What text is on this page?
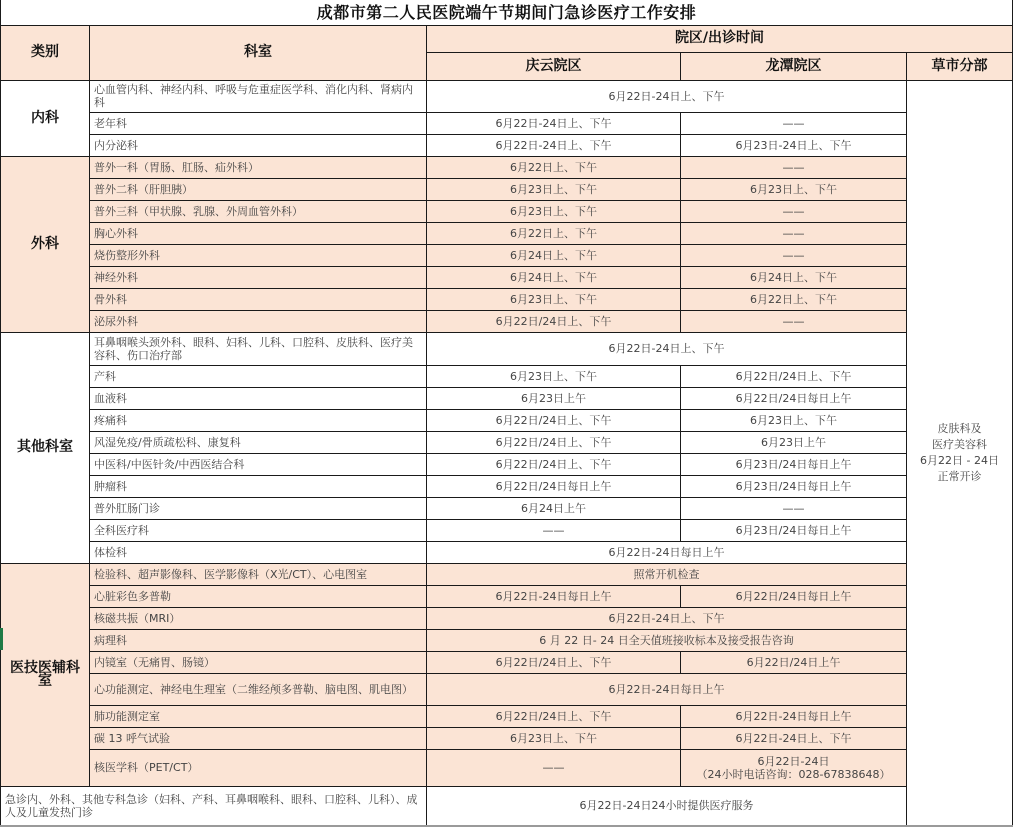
成都市第二人民医院端午节期间门急诊医疗工作安排					
类别	科室	院区/出诊时间			
		庆云院区	龙潭院区	草市分部	
内科	心血管内科、神经内科、呼吸与危重症医学科、消化内科、肾病内科	6月22日-24日上、下午		皮肤科及
医疗美容科
6月22日 - 24日
正常开诊	

	老年科	6月22日-24日上、下午	——		
	内分泌科	6月22日-24日上、下午	6月23日-24日上、下午		
外科	普外一科（胃肠、肛肠、疝外科）	6月22日上、下午	——		
	普外二科（肝胆胰）	6月23日上、下午	6月23日上、下午		
	普外三科（甲状腺、乳腺、外周血管外科）	6月23日上、下午	——		
	胸心外科	6月22日上、下午	——		
	烧伤整形外科	6月24日上、下午	——		
	神经外科	6月24日上、下午	6月24日上、下午		
	骨外科	6月23日上、下午	6月22日上、下午		
	泌尿外科	6月22日/24日上、下午	——		
其他科室	耳鼻咽喉头颈外科、眼科、妇科、儿科、口腔科、皮肤科、医疗美容科、伤口治疗部	6月22日-24日上、下午			
	产科	6月23日上、下午	6月22日/24日上、下午		
	血液科	6月23日上午	6月22日/24日每日上午		
	疼痛科	6月22日/24日上、下午	6月23日上、下午		
	风湿免疫/骨质疏松科、康复科	6月22日/24日上、下午	6月23日上午		
	中医科/中医针灸/中西医结合科	6月22日/24日上、下午	6月23日/24日每日上午		
	肿瘤科	6月22日/24日每日上午	6月23日/24日每日上午		
	普外肛肠门诊	6月24日上午	——		
	全科医疗科	——	6月23日/24日每日上午		
	体检科	6月22日-24日每日上午			
医技医辅科室	检验科、超声影像科、医学影像科（X光/CT）、心电图室	照常开机检查			
	心脏彩色多普勒	6月22日-24日每日上午	6月22日/24日每日上午		
	核磁共振（MRI）	6月22日-24日上、下午			
	病理科	6 月 22 日- 24 日全天值班接收标本及接受报告咨询			
	内镜室（无痛胃、肠镜）	6月22日/24日上、下午	6月22日/24日上午		
	心功能测定、神经电生理室（二维经颅多普勒、脑电图、肌电图）	6月22日-24日每日上午			
	肺功能测定室	6月22日/24日上、下午	6月22日-24日每日上午		
	碳 13 呼气试验	6月23日上、下午	6月22日-24日上、下午		
	核医学科（PET/CT）	——	6月22日-24日
（24小时电话咨询：028-67838648）		

急诊内、外科、其他专科急诊（妇科、产科、耳鼻咽喉科、眼科、口腔科、儿科）、成人及儿童发热门诊		6月22日-24日24小时提供医疗服务	
